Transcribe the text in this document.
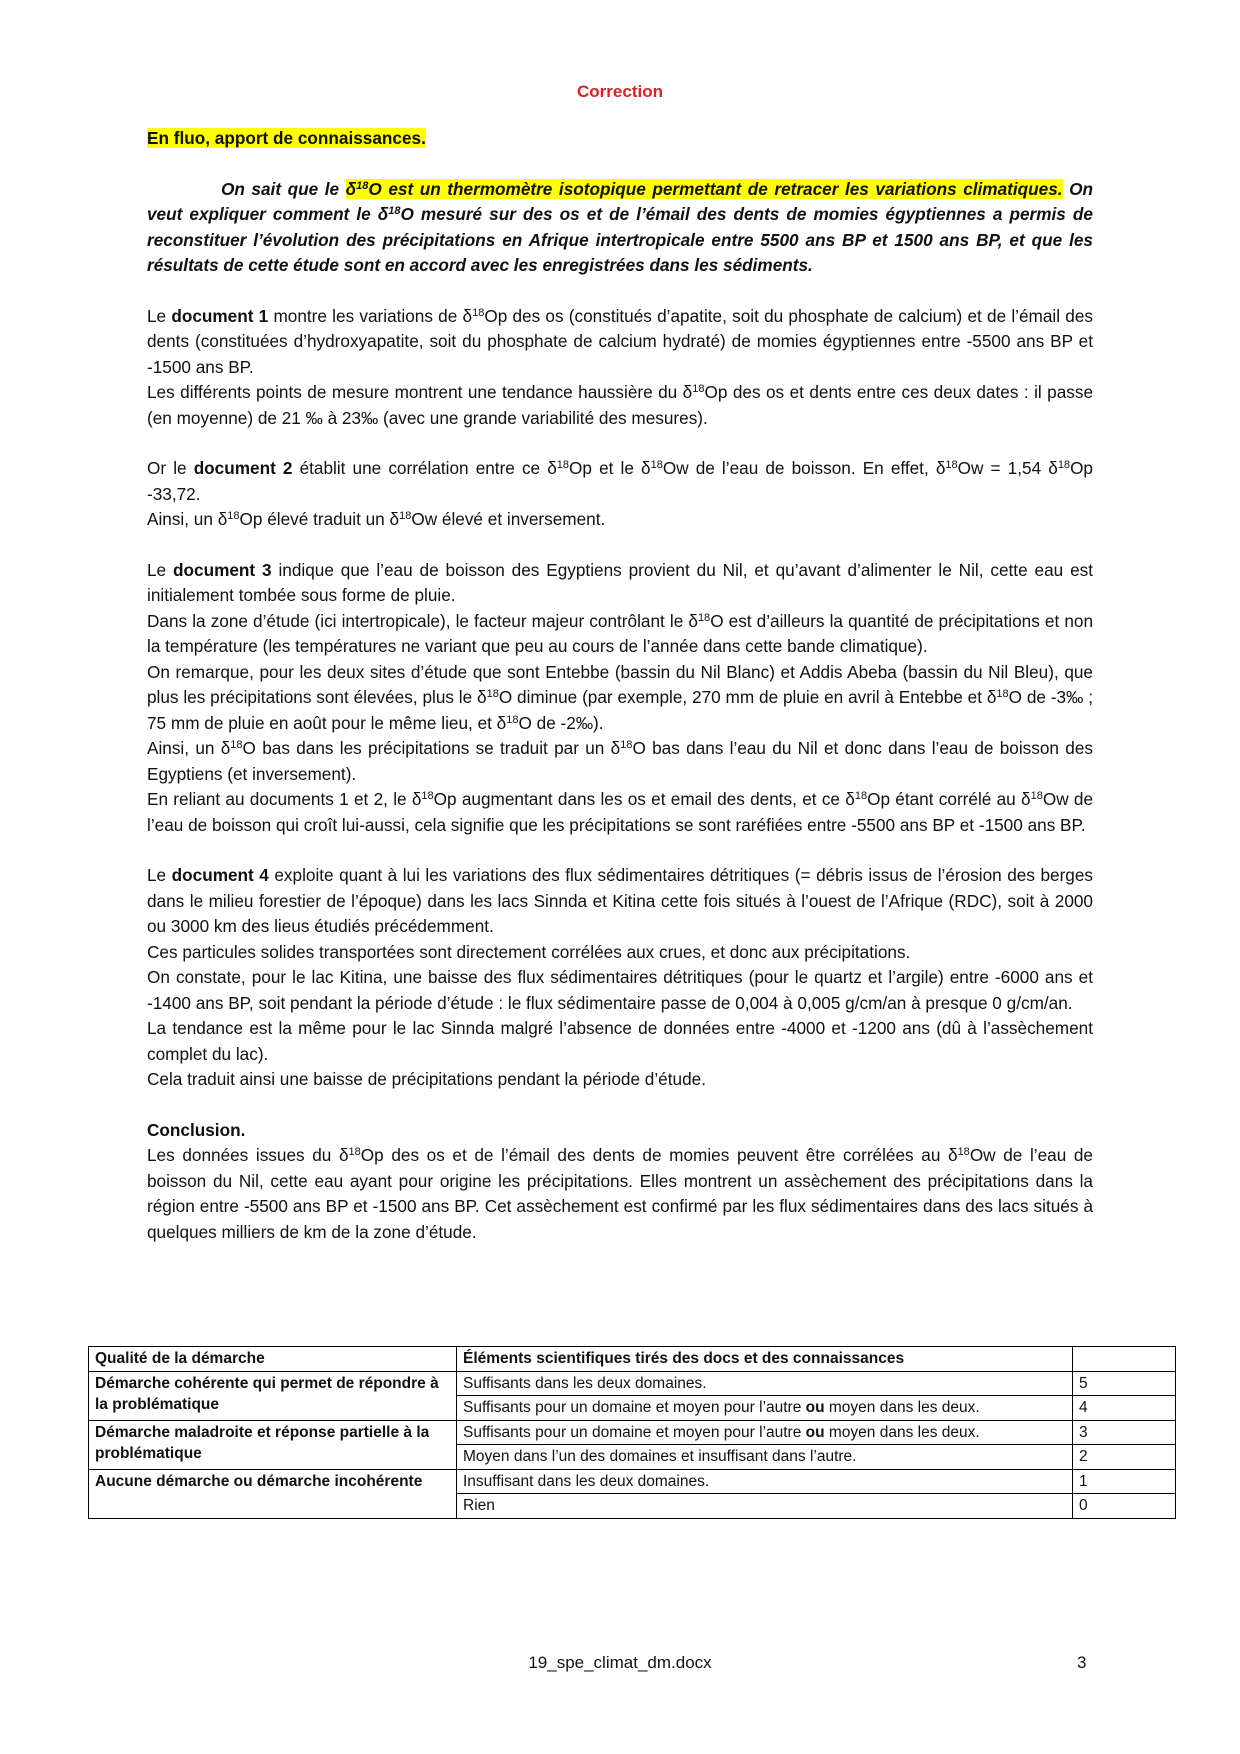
Correction

En fluo, apport de connaissances.

On sait que le $\delta^{18}O$ est un thermomètre isotopique permettant de retracer les variations climatiques. On veut expliquer comment le $\delta^{18}O$ mesuré sur des os et de l’émail des dents de momies égyptiennes a permis de reconstituer l’évolution des précipitations en Afrique intertropicale entre 5500 ans BP et 1500 ans BP, et que les résultats de cette étude sont en accord avec les enregistrées dans les sédiments.

Le document 1 montre les variations de $\delta^{18}Op$ des os (constitués d’apatite, soit du phosphate de calcium) et de l’émail des dents (constituées d’hydroxyapatite, soit du phosphate de calcium hydraté) de momies égyptiennes entre -5500 ans BP et -1500 ans BP.

Les différents points de mesure montrent une tendance haussière du $\delta^{18}Op$ des os et dents entre ces deux dates : il passe (en moyenne) de 21 ‰ à 23‰ (avec une grande variabilité des mesures).

Or le document 2 établit une corrélation entre ce $\delta^{18}Op$ et le $\delta^{18}Ow$ de l’eau de boisson. En effet, $\delta^{18}Ow = 1,54$ $\delta^{18}Op$ -33,72.

Ainsi, un $\delta^{18}Op$ élevé traduit un $\delta^{18}Ow$ élevé et inversement.

Le document 3 indique que l’eau de boisson des Egyptiens provient du Nil, et qu’avant d’alimenter le Nil, cette eau est initialement tombée sous forme de pluie.

Dans la zone d’étude (ici intertropicale), le facteur majeur contrôlant le $\delta^{18}O$ est d’ailleurs la quantité de précipitations et non la température (les températures ne variant que peu au cours de l’année dans cette bande climatique).

On remarque, pour les deux sites d’étude que sont Entebbe (bassin du Nil Blanc) et Addis Abeba (bassin du Nil Bleu), que plus les précipitations sont élevées, plus le $\delta^{18}O$ diminue (par exemple, 270 mm de pluie en avril à Entebbe et $\delta^{18}O$ de -3‰ ; 75 mm de pluie en août pour le même lieu, et $\delta^{18}O$ de -2‰).

Ainsi, un $\delta^{18}O$ bas dans les précipitations se traduit par un $\delta^{18}O$ bas dans l’eau du Nil et donc dans l’eau de boisson des Egyptiens (et inversement).

En reliant au documents 1 et 2, le $\delta^{18}Op$ augmentant dans les os et email des dents, et ce $\delta^{18}Op$ étant corrélé au $\delta^{18}Ow$ de l’eau de boisson qui croît lui-aussi, cela signifie que les précipitations se sont raréfiées entre -5500 ans BP et -1500 ans BP.

Le document 4 exploite quant à lui les variations des flux sédimentaires détritiques (= débris issus de l’érosion des berges dans le milieu forestier de l’époque) dans les lacs Sinnda et Kitina cette fois situés à l’ouest de l’Afrique (RDC), soit à 2000 ou 3000 km des lieus étudiés précédemment.

Ces particules solides transportées sont directement corrélées aux crues, et donc aux précipitations.

On constate, pour le lac Kitina, une baisse des flux sédimentaires détritiques (pour le quartz et l’argile) entre -6000 ans et -1400 ans BP, soit pendant la période d’étude : le flux sédimentaire passe de 0,004 à 0,005 g/cm/an à presque 0 g/cm/an.

La tendance est la même pour le lac Sinnda malgré l’absence de données entre -4000 et -1200 ans (dû à l’assèchement complet du lac).

Cela traduit ainsi une baisse de précipitations pendant la période d’étude.

Conclusion.

Les données issues du $\delta^{18}Op$ des os et de l’émail des dents de momies peuvent être corrélées au $\delta^{18}Ow$ de l’eau de boisson du Nil, cette eau ayant pour origine les précipitations. Elles montrent un assèchement des précipitations dans la région entre -5500 ans BP et -1500 ans BP. Cet assèchement est confirmé par les flux sédimentaires dans des lacs situés à quelques milliers de km de la zone d’étude.

Qualité de la démarche	Éléments scientifiques tirés des docs et des connaissances	
Démarche cohérente qui permet de répondre à la problématique	Suffisants dans les deux domaines.	5
	Suffisants pour un domaine et moyen pour l’autre ou moyen dans les deux.	4
Démarche maladroite et réponse partielle à la problématique	Suffisants pour un domaine et moyen pour l’autre ou moyen dans les deux.	3
	Moyen dans l’un des domaines et insuffisant dans l’autre.	2
Aucune démarche ou démarche incohérente	Insuffisant dans les deux domaines.	1
	Rien	0
19_spe_climat_dm.docx	3
